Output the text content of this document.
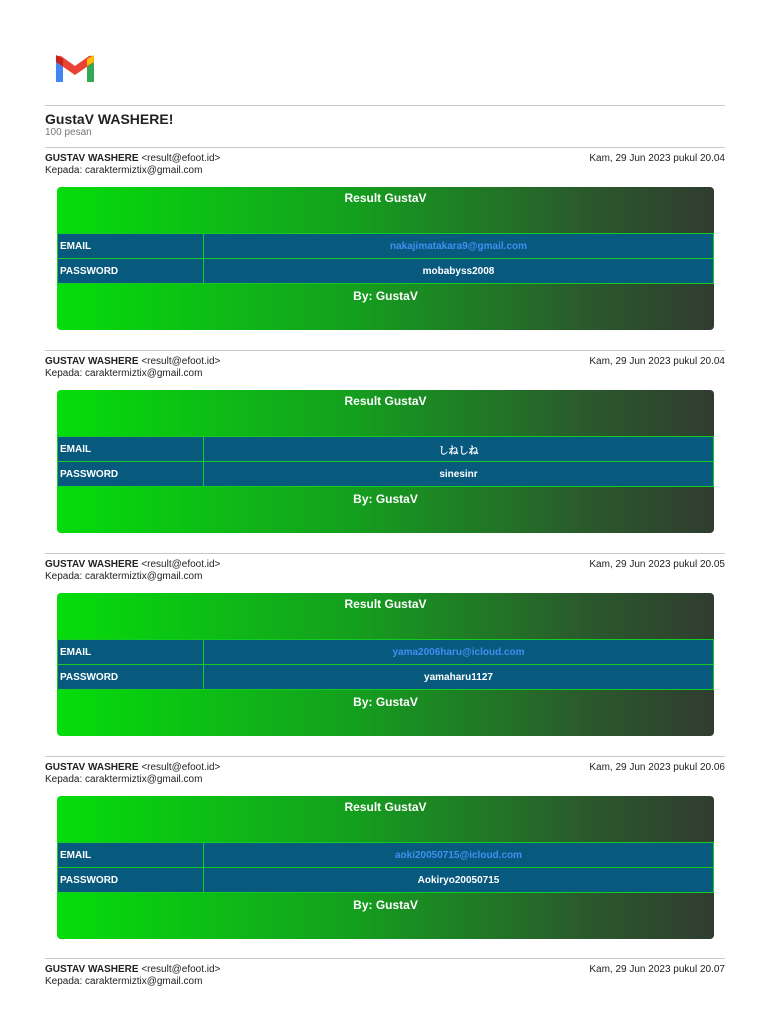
GustaV WASHERE!
100 pesan
GUSTAV WASHERE <result@efoot.id>
Kepada: caraktermiztix@gmail.com
Kam, 29 Jun 2023 pukul 20.04
Result GustaV
EMAIL	nakajimatakara9@gmail.com
PASSWORD	mobabyss2008
By: GustaV
GUSTAV WASHERE <result@efoot.id>
Kepada: caraktermiztix@gmail.com
Kam, 29 Jun 2023 pukul 20.04
Result GustaV
EMAIL	しねしね
PASSWORD	sinesinr
By: GustaV
GUSTAV WASHERE <result@efoot.id>
Kepada: caraktermiztix@gmail.com
Kam, 29 Jun 2023 pukul 20.05
Result GustaV
EMAIL	yama2006haru@icloud.com
PASSWORD	yamaharu1127
By: GustaV
GUSTAV WASHERE <result@efoot.id>
Kepada: caraktermiztix@gmail.com
Kam, 29 Jun 2023 pukul 20.06
Result GustaV
EMAIL	aoki20050715@icloud.com
PASSWORD	Aokiryo20050715
By: GustaV
GUSTAV WASHERE <result@efoot.id>
Kepada: caraktermiztix@gmail.com
Kam, 29 Jun 2023 pukul 20.07
